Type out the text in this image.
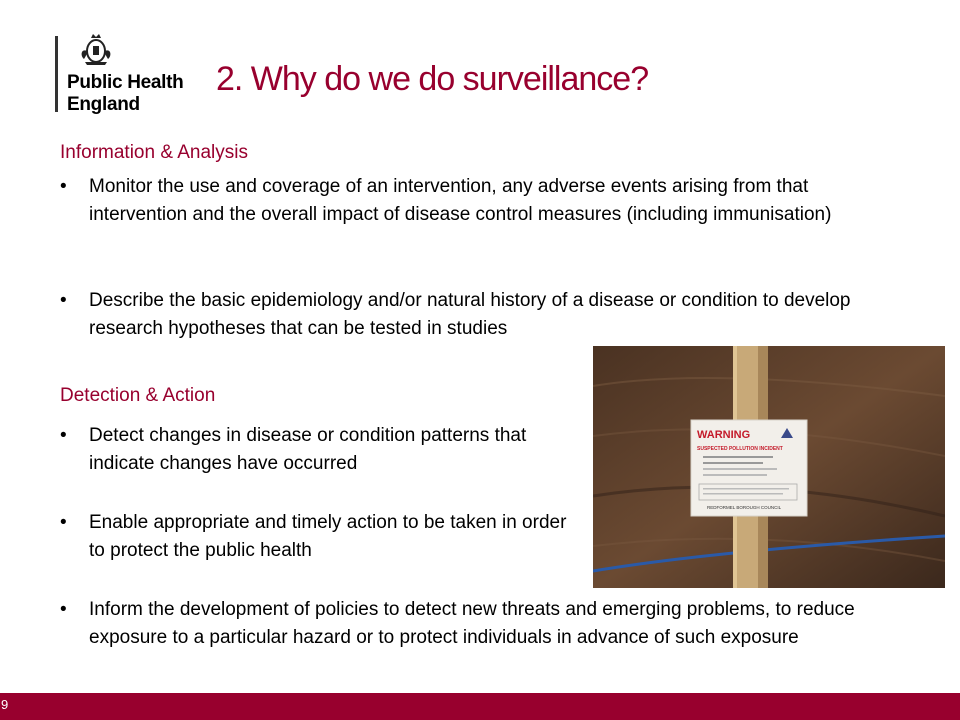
Public Health
England
2. Why do we do surveillance?
Information & Analysis
• Monitor the use and coverage of an intervention, any adverse events arising from that intervention and the overall impact of disease control measures (including immunisation)
• Describe the basic epidemiology and/or natural history of a disease or condition to develop research hypotheses that can be tested in studies
Detection & Action
• Detect changes in disease or condition patterns that indicate changes have occurred
• Enable appropriate and timely action to be taken in order to protect the public health
• Inform the development of policies to detect new threats and emerging problems, to reduce exposure to a particular hazard or to protect individuals in advance of such exposure
WARNING
SUSPECTED POLLUTION INCIDENT
REDFORMEL BOROUGH COUNCIL
9
